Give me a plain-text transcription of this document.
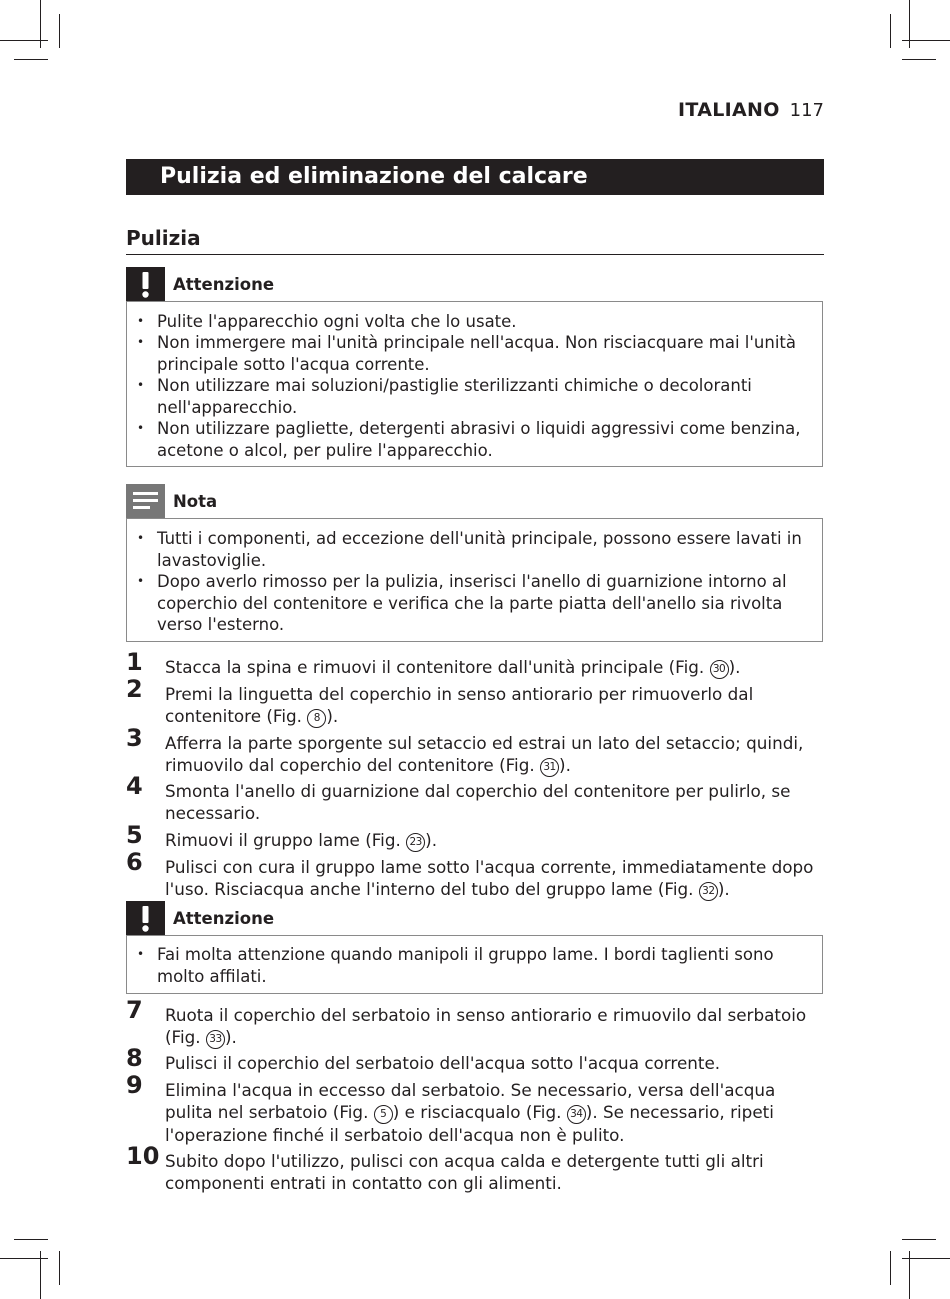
ITALIANO 117
Pulizia ed eliminazione del calcare
Pulizia
Attenzione
• Pulite l'apparecchio ogni volta che lo usate.
• Non immergere mai l'unità principale nell'acqua. Non risciacquare mai l'unità principale sotto l'acqua corrente.
• Non utilizzare mai soluzioni/pastiglie sterilizzanti chimiche o decoloranti nell'apparecchio.
• Non utilizzare pagliette, detergenti abrasivi o liquidi aggressivi come benzina, acetone o alcol, per pulire l'apparecchio.
Nota
• Tutti i componenti, ad eccezione dell'unità principale, possono essere lavati in lavastoviglie.
• Dopo averlo rimosso per la pulizia, inserisci l'anello di guarnizione intorno al coperchio del contenitore e verifica che la parte piatta dell'anello sia rivolta verso l'esterno.
1 Stacca la spina e rimuovi il contenitore dall'unità principale (Fig. 30 ).
2 Premi la linguetta del coperchio in senso antiorario per rimuoverlo dal contenitore (Fig. 8 ).
3 Afferra la parte sporgente sul setaccio ed estrai un lato del setaccio; quindi, rimuovilo dal coperchio del contenitore (Fig. 31 ).
4 Smonta l'anello di guarnizione dal coperchio del contenitore per pulirlo, se necessario.
5 Rimuovi il gruppo lame (Fig. 23 ).
6 Pulisci con cura il gruppo lame sotto l'acqua corrente, immediatamente dopo l'uso. Risciacqua anche l'interno del tubo del gruppo lame (Fig. 32 ).
Attenzione
• Fai molta attenzione quando manipoli il gruppo lame. I bordi taglienti sono molto affilati.
7 Ruota il coperchio del serbatoio in senso antiorario e rimuovilo dal serbatoio (Fig. 33 ).
8 Pulisci il coperchio del serbatoio dell'acqua sotto l'acqua corrente.
9 Elimina l'acqua in eccesso dal serbatoio. Se necessario, versa dell'acqua pulita nel serbatoio (Fig. 5 ) e risciacqualo (Fig. 34 ). Se necessario, ripeti l'operazione finché il serbatoio dell'acqua non è pulito.
10 Subito dopo l'utilizzo, pulisci con acqua calda e detergente tutti gli altri componenti entrati in contatto con gli alimenti.
